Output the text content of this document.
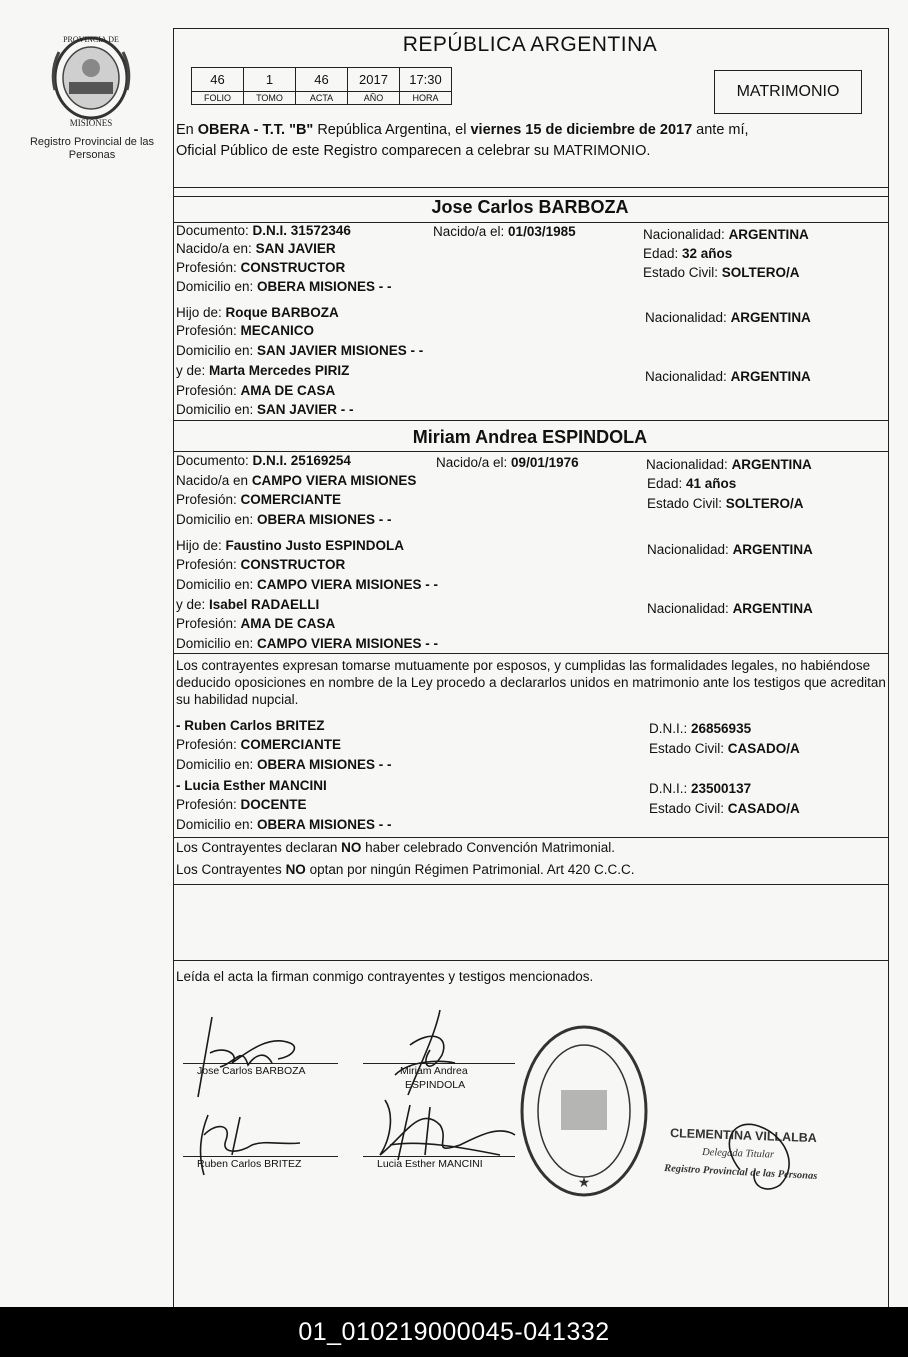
PROVINCIA DE
MISIONES
Registro Provincial de las Personas
REPÚBLICA ARGENTINA
46	1	46	2017	17:30
FOLIO	TOMO	ACTA	AÑO	HORA	MATRIMONIO
En OBERA - T.T. "B" República Argentina, el viernes 15 de diciembre de 2017 ante mí,
Oficial Público de este Registro comparecen a celebrar su MATRIMONIO.
Jose Carlos BARBOZA
Documento: D.N.I. 31572346	Nacido/a el: 01/03/1985	Nacionalidad: ARGENTINA
Nacido/a en: SAN JAVIER	Edad: 32 años
Profesión: CONSTRUCTOR	Estado Civil: SOLTERO/A
Domicilio en: OBERA MISIONES - -
Hijo de: Roque BARBOZA	Nacionalidad: ARGENTINA
Profesión: MECANICO
Domicilio en: SAN JAVIER MISIONES - -
y de: Marta Mercedes PIRIZ	Nacionalidad: ARGENTINA
Profesión: AMA DE CASA
Domicilio en: SAN JAVIER - -
Miriam Andrea ESPINDOLA
Documento: D.N.I. 25169254	Nacido/a el: 09/01/1976	Nacionalidad: ARGENTINA
Nacido/a en CAMPO VIERA MISIONES	Edad: 41 años
Profesión: COMERCIANTE	Estado Civil: SOLTERO/A
Domicilio en: OBERA MISIONES - -
Hijo de: Faustino Justo ESPINDOLA	Nacionalidad: ARGENTINA
Profesión: CONSTRUCTOR
Domicilio en: CAMPO VIERA MISIONES - -
y de: Isabel RADAELLI	Nacionalidad: ARGENTINA
Profesión: AMA DE CASA
Domicilio en: CAMPO VIERA MISIONES - -
Los contrayentes expresan tomarse mutuamente por esposos, y cumplidas las formalidades legales, no habiéndose deducido oposiciones en nombre de la Ley procedo a declararlos unidos en matrimonio ante los testigos que acreditan su habilidad nupcial.
- Ruben Carlos BRITEZ	D.N.I.: 26856935
Profesión: COMERCIANTE	Estado Civil: CASADO/A
Domicilio en: OBERA MISIONES - -
- Lucia Esther MANCINI	D.N.I.: 23500137
Profesión: DOCENTE	Estado Civil: CASADO/A
Domicilio en: OBERA MISIONES - -
Los Contrayentes declaran NO haber celebrado Convención Matrimonial.
Los Contrayentes NO optan por ningún Régimen Patrimonial. Art 420 C.C.C.
Leída el acta la firman conmigo contrayentes y testigos mencionados.
Jose Carlos BARBOZA	Miriam Andrea
ESPINDOLA
Ruben Carlos BRITEZ	Lucia Esther MANCINI
★
CLEMENTINA VILLALBA
Delegada Titular
Registro Provincial de las Personas
01_010219000045-041332
